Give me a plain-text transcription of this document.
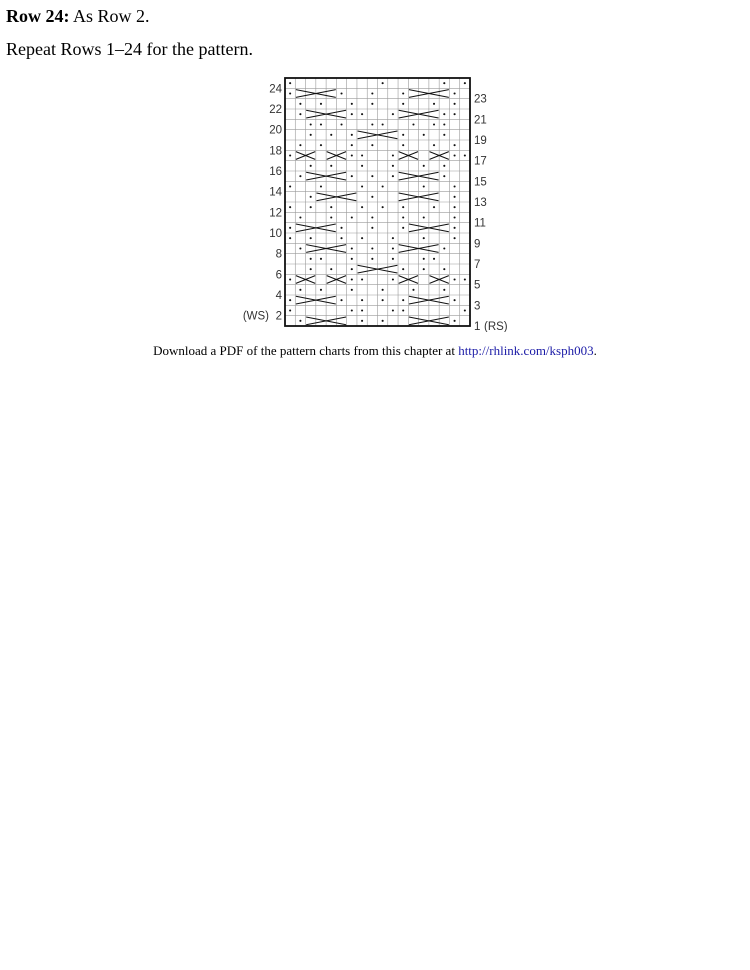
Row 24: As Row 2.
Repeat Rows 1–24 for the pattern.
24
22
20
18
16
14
12
10
8
6
4
2
23
21
19
17
15
13
11
9
7
5
3
1
(WS)
(RS)
Download a PDF of the pattern charts from this chapter at http://rhlink.com/ksph003.
